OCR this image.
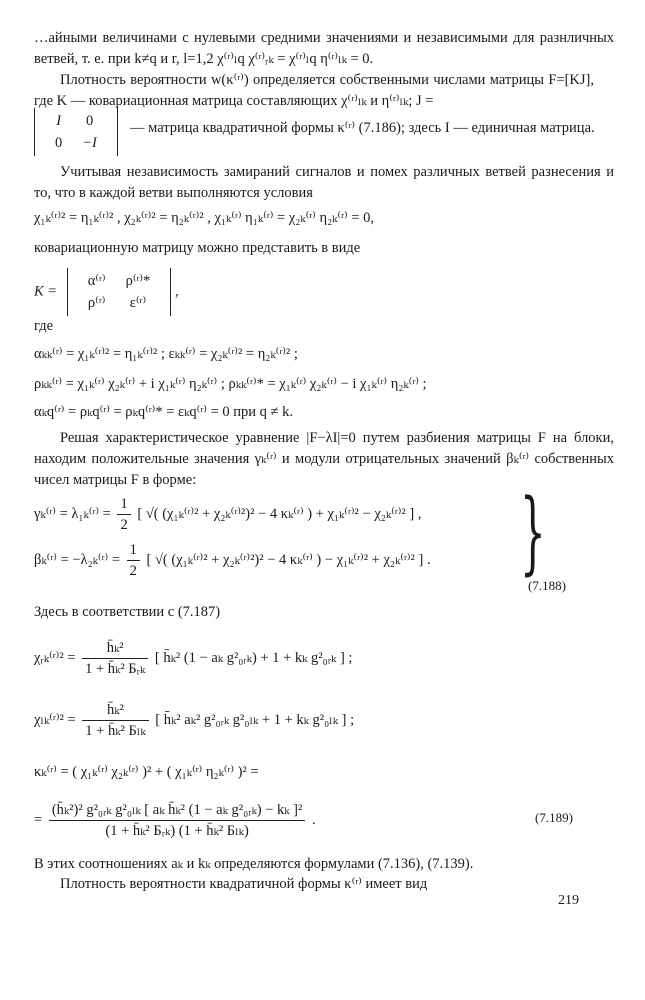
…айными величинами с нулевыми средними значениями и независимыми для разнличных ветвей, т. е. при k≠q и r, l=1,2 χ⁽ʳ⁾ₗq χ⁽ʳ⁾ᵣₖ = χ⁽ʳ⁾ₗq η⁽ʳ⁾ₗₖ = 0.
Плотность вероятности w(κ⁽ʳ⁾) определяется собственными числами матрицы F=[KJ], где K — ковариационная матрица составляющих χ⁽ʳ⁾ₗₖ и η⁽ʳ⁾ₗₖ; J =
I	0
0	−I
— матрица квадратичной формы κ⁽ʳ⁾ (7.186); здесь I — единичная матрица.
Учитывая независимость замираний сигналов и помех различных ветвей разнесения и то, что в каждой ветви выполняются условия
χ₁ₖ⁽ʳ⁾² = η₁ₖ⁽ʳ⁾² , χ₂ₖ⁽ʳ⁾² = η₂ₖ⁽ʳ⁾² , χ₁ₖ⁽ʳ⁾ η₁ₖ⁽ʳ⁾ = χ₂ₖ⁽ʳ⁾ η₂ₖ⁽ʳ⁾ = 0,
ковариационную матрицу можно представить в виде
K =
α⁽ʳ⁾	ρ⁽ʳ⁾*
ρ⁽ʳ⁾	ε⁽ʳ⁾
,
где
αₖₖ⁽ʳ⁾ = χ₁ₖ⁽ʳ⁾² = η₁ₖ⁽ʳ⁾² ; εₖₖ⁽ʳ⁾ = χ₂ₖ⁽ʳ⁾² = η₂ₖ⁽ʳ⁾² ;
ρₖₖ⁽ʳ⁾ = χ₁ₖ⁽ʳ⁾ χ₂ₖ⁽ʳ⁾ + i χ₁ₖ⁽ʳ⁾ η₂ₖ⁽ʳ⁾ ; ρₖₖ⁽ʳ⁾* = χ₁ₖ⁽ʳ⁾ χ₂ₖ⁽ʳ⁾ − i χ₁ₖ⁽ʳ⁾ η₂ₖ⁽ʳ⁾ ;
αₖq⁽ʳ⁾ = ρₖq⁽ʳ⁾ = ρₖq⁽ʳ⁾* = εₖq⁽ʳ⁾ = 0 при q ≠ k.
Решая характеристическое уравнение |F−λI|=0 путем разбиения матрицы F на блоки, находим положительные значения γₖ⁽ʳ⁾ и модули отрицательных значений βₖ⁽ʳ⁾ собственных чисел матрицы F в форме:
γₖ⁽ʳ⁾ = λ₁ₖ⁽ʳ⁾ = $\frac{1}{2}$ [ √( (χ₁ₖ⁽ʳ⁾² + χ₂ₖ⁽ʳ⁾²)² − 4 κₖ⁽ʳ⁾ ) + χ₁ₖ⁽ʳ⁾² − χ₂ₖ⁽ʳ⁾² ] ,
βₖ⁽ʳ⁾ = −λ₂ₖ⁽ʳ⁾ = $\frac{1}{2}$ [ √( (χ₁ₖ⁽ʳ⁾² + χ₂ₖ⁽ʳ⁾²)² − 4 κₖ⁽ʳ⁾ ) − χ₁ₖ⁽ʳ⁾² + χ₂ₖ⁽ʳ⁾² ] . }
(7.188)
Здесь в соответствии с (7.187)
χᵣₖ⁽ʳ⁾² = $\frac{\text{h̄ₖ²}}{\text{1 + h̄ₖ² Бᵣₖ}}$ [ h̄ₖ² (1 − aₖ g²₀ᵣₖ) + 1 + kₖ g²₀ᵣₖ ] ;
χₗₖ⁽ʳ⁾² = $\frac{\text{h̄ₖ²}}{\text{1 + h̄ₖ² Бₗₖ}}$ [ h̄ₖ² aₖ² g²₀ᵣₖ g²₀ₗₖ + 1 + kₖ g²₀ₗₖ ] ;
κₖ⁽ʳ⁾ = ( χ₁ₖ⁽ʳ⁾ χ₂ₖ⁽ʳ⁾ )² + ( χ₁ₖ⁽ʳ⁾ η₂ₖ⁽ʳ⁾ )² =
= $\frac{\text{(h̄ₖ²)² g²₀ᵣₖ g²₀ₗₖ [ aₖ h̄ₖ² (1 − aₖ g²₀ᵣₖ) − kₖ ]²}}{\text{(1 + h̄ₖ² Бᵣₖ) (1 + h̄ₖ² Бₗₖ)}}$ .	(7.189)
В этих соотношениях aₖ и kₖ определяются формулами (7.136), (7.139).
Плотность вероятности квадратичной формы κ⁽ʳ⁾ имеет вид
219
